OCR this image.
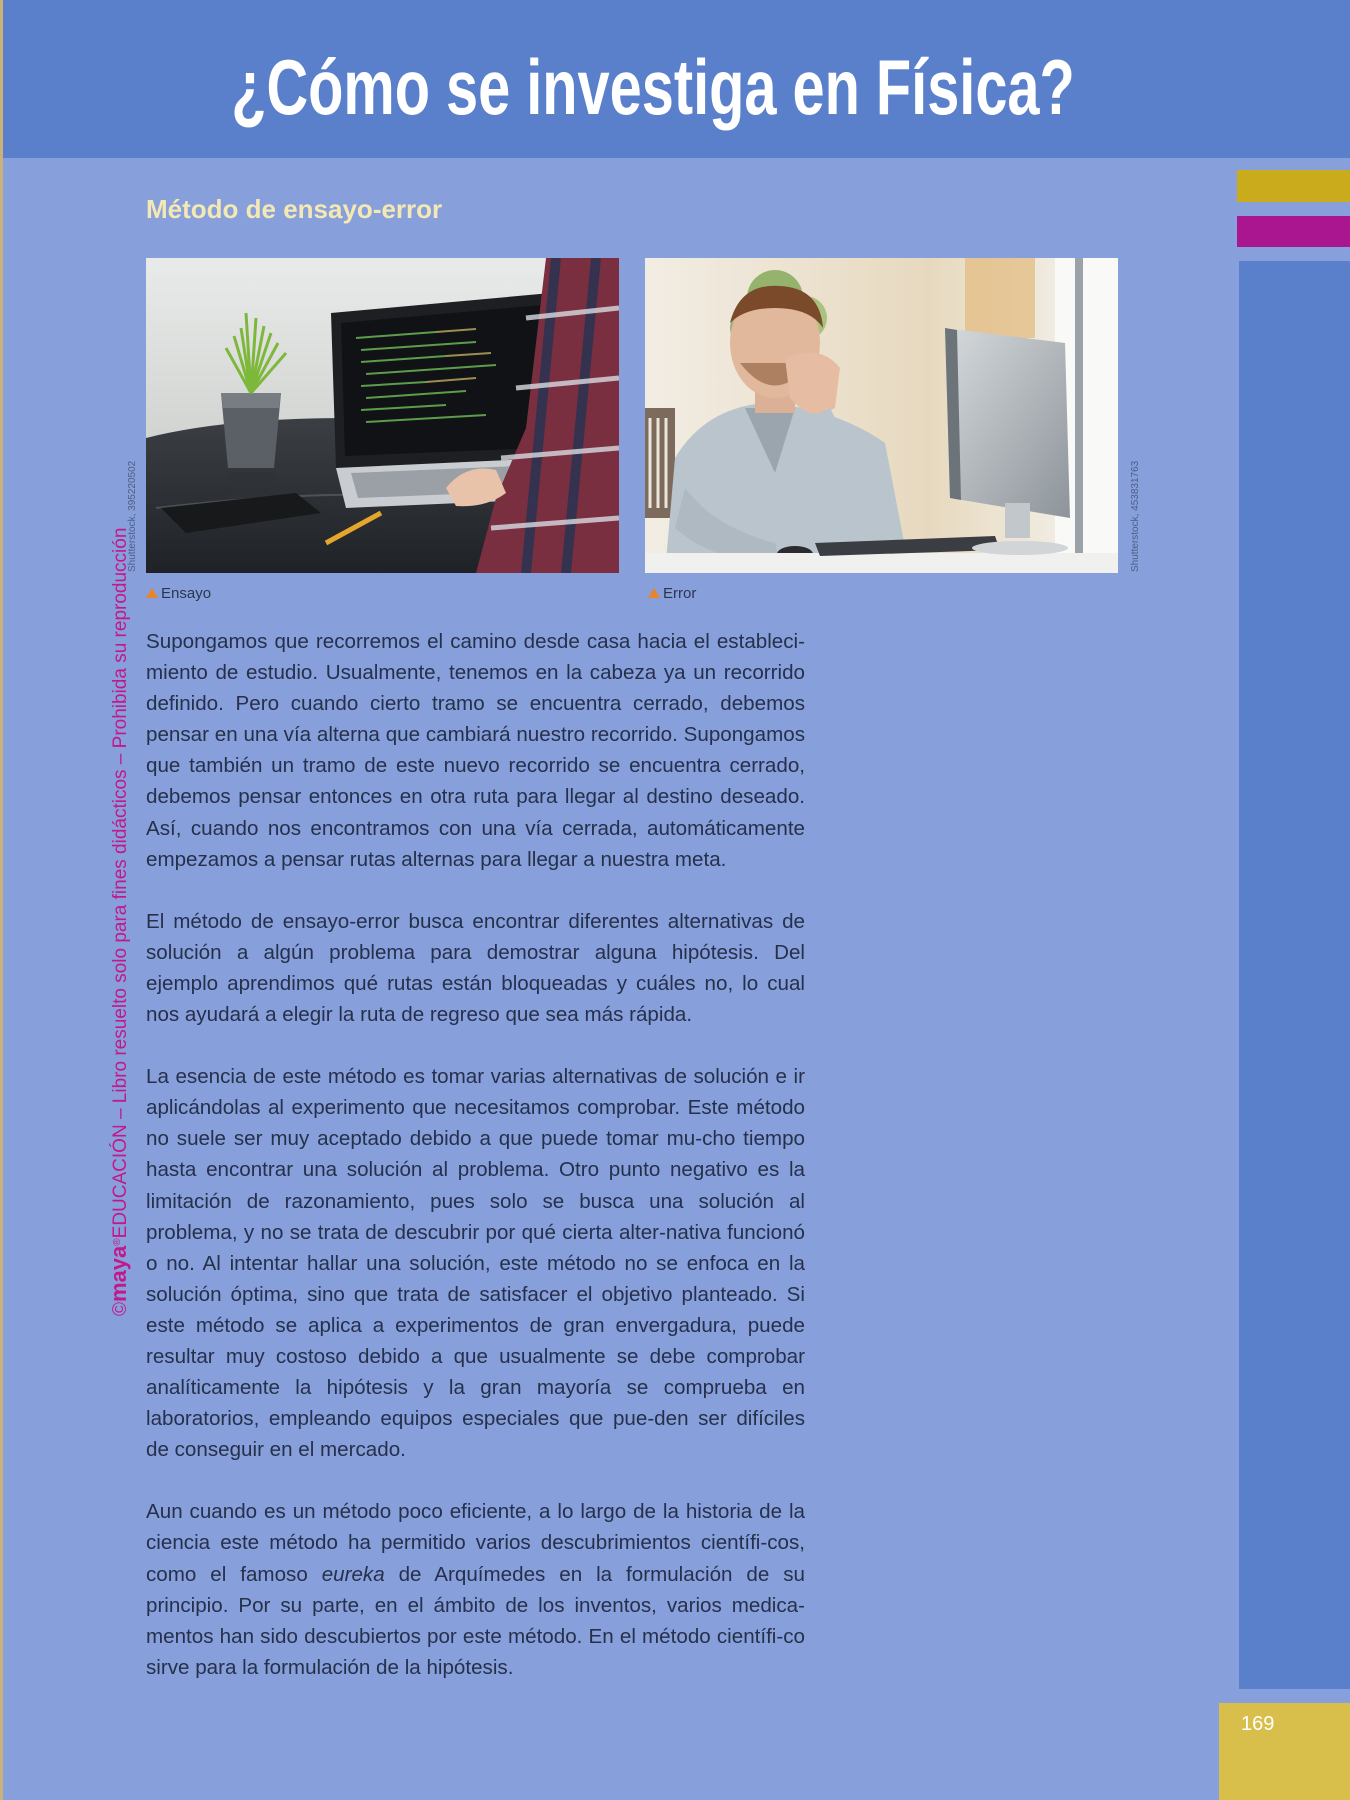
¿Cómo se investiga en Física?
Método de ensayo-error
Shutterstock, 395220502	Shutterstock, 453831763
Ensayo	Error

Supongamos que recorremos el camino desde casa hacia el estableci-miento de estudio. Usualmente, tenemos en la cabeza ya un recorrido definido. Pero cuando cierto tramo se encuentra cerrado, debemos pensar en una vía alterna que cambiará nuestro recorrido. Supongamos que también un tramo de este nuevo recorrido se encuentra cerrado, debemos pensar entonces en otra ruta para llegar al destino deseado. Así, cuando nos encontramos con una vía cerrada, automáticamente empezamos a pensar rutas alternas para llegar a nuestra meta.

El método de ensayo-error busca encontrar diferentes alternativas de solución a algún problema para demostrar alguna hipótesis. Del ejemplo aprendimos qué rutas están bloqueadas y cuáles no, lo cual nos ayudará a elegir la ruta de regreso que sea más rápida.

La esencia de este método es tomar varias alternativas de solución e ir aplicándolas al experimento que necesitamos comprobar. Este método no suele ser muy aceptado debido a que puede tomar mu-cho tiempo hasta encontrar una solución al problema. Otro punto negativo es la limitación de razonamiento, pues solo se busca una solución al problema, y no se trata de descubrir por qué cierta alter-nativa funcionó o no. Al intentar hallar una solución, este método no se enfoca en la solución óptima, sino que trata de satisfacer el objetivo planteado. Si este método se aplica a experimentos de gran envergadura, puede resultar muy costoso debido a que usualmente se debe comprobar analíticamente la hipótesis y la gran mayoría se comprueba en laboratorios, empleando equipos especiales que pue-den ser difíciles de conseguir en el mercado.

Aun cuando es un método poco eficiente, a lo largo de la historia de la ciencia este método ha permitido varios descubrimientos científi-cos, como el famoso eureka de Arquímedes en la formulación de su principio. Por su parte, en el ámbito de los inventos, varios medica-mentos han sido descubiertos por este método. En el método científi-co sirve para la formulación de la hipótesis.

©maya®EDUCACIÓN – Libro resuelto solo para fines didácticos – Prohibida su reproducción
169
